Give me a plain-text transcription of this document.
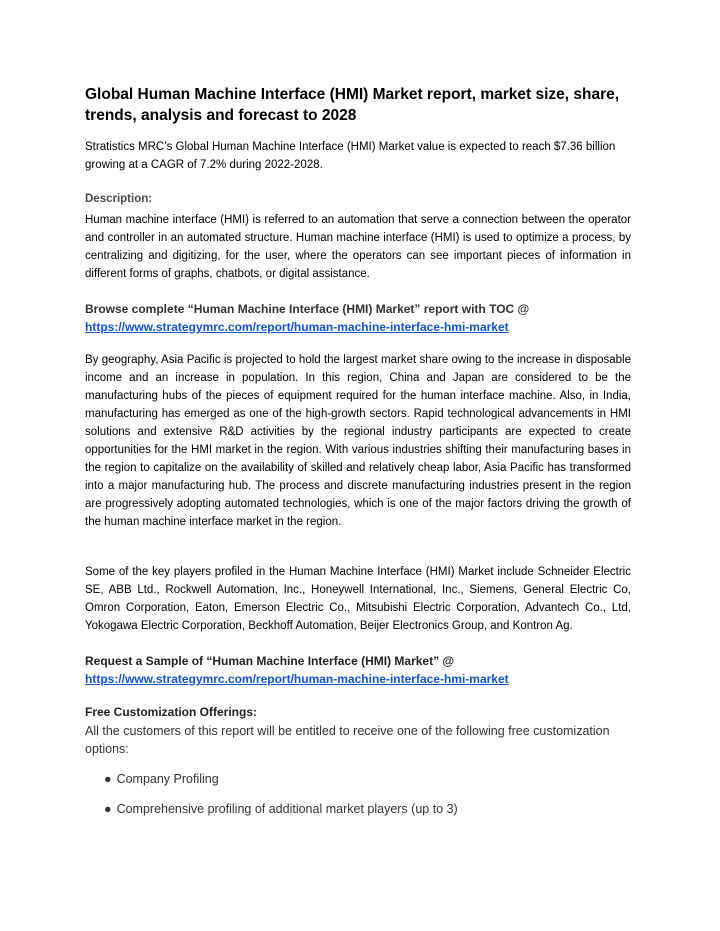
Global Human Machine Interface (HMI) Market report, market size, share, trends, analysis and forecast to 2028
Stratistics MRC’s Global Human Machine Interface (HMI) Market value is expected to reach $7.36 billion growing at a CAGR of 7.2% during 2022-2028.
Description:
Human machine interface (HMI) is referred to an automation that serve a connection between the operator and controller in an automated structure. Human machine interface (HMI) is used to optimize a process, by centralizing and digitizing, for the user, where the operators can see important pieces of information in different forms of graphs, chatbots, or digital assistance.
Browse complete “Human Machine Interface (HMI) Market” report with TOC @
https://www.strategymrc.com/report/human-machine-interface-hmi-market
By geography, Asia Pacific is projected to hold the largest market share owing to the increase in disposable income and an increase in population. In this region, China and Japan are considered to be the manufacturing hubs of the pieces of equipment required for the human interface machine. Also, in India, manufacturing has emerged as one of the high-growth sectors. Rapid technological advancements in HMI solutions and extensive R&D activities by the regional industry participants are expected to create opportunities for the HMI market in the region. With various industries shifting their manufacturing bases in the region to capitalize on the availability of skilled and relatively cheap labor, Asia Pacific has transformed into a major manufacturing hub. The process and discrete manufacturing industries present in the region are progressively adopting automated technologies, which is one of the major factors driving the growth of the human machine interface market in the region.
Some of the key players profiled in the Human Machine Interface (HMI) Market include Schneider Electric SE, ABB Ltd., Rockwell Automation, Inc., Honeywell International, Inc., Siemens, General Electric Co, Omron Corporation, Eaton, Emerson Electric Co., Mitsubishi Electric Corporation, Advantech Co., Ltd, Yokogawa Electric Corporation, Beckhoff Automation, Beijer Electronics Group, and Kontron Ag.
Request a Sample of “Human Machine Interface (HMI) Market” @
https://www.strategymrc.com/report/human-machine-interface-hmi-market
Free Customization Offerings:
All the customers of this report will be entitled to receive one of the following free customization options:
● Company Profiling
● Comprehensive profiling of additional market players (up to 3)
